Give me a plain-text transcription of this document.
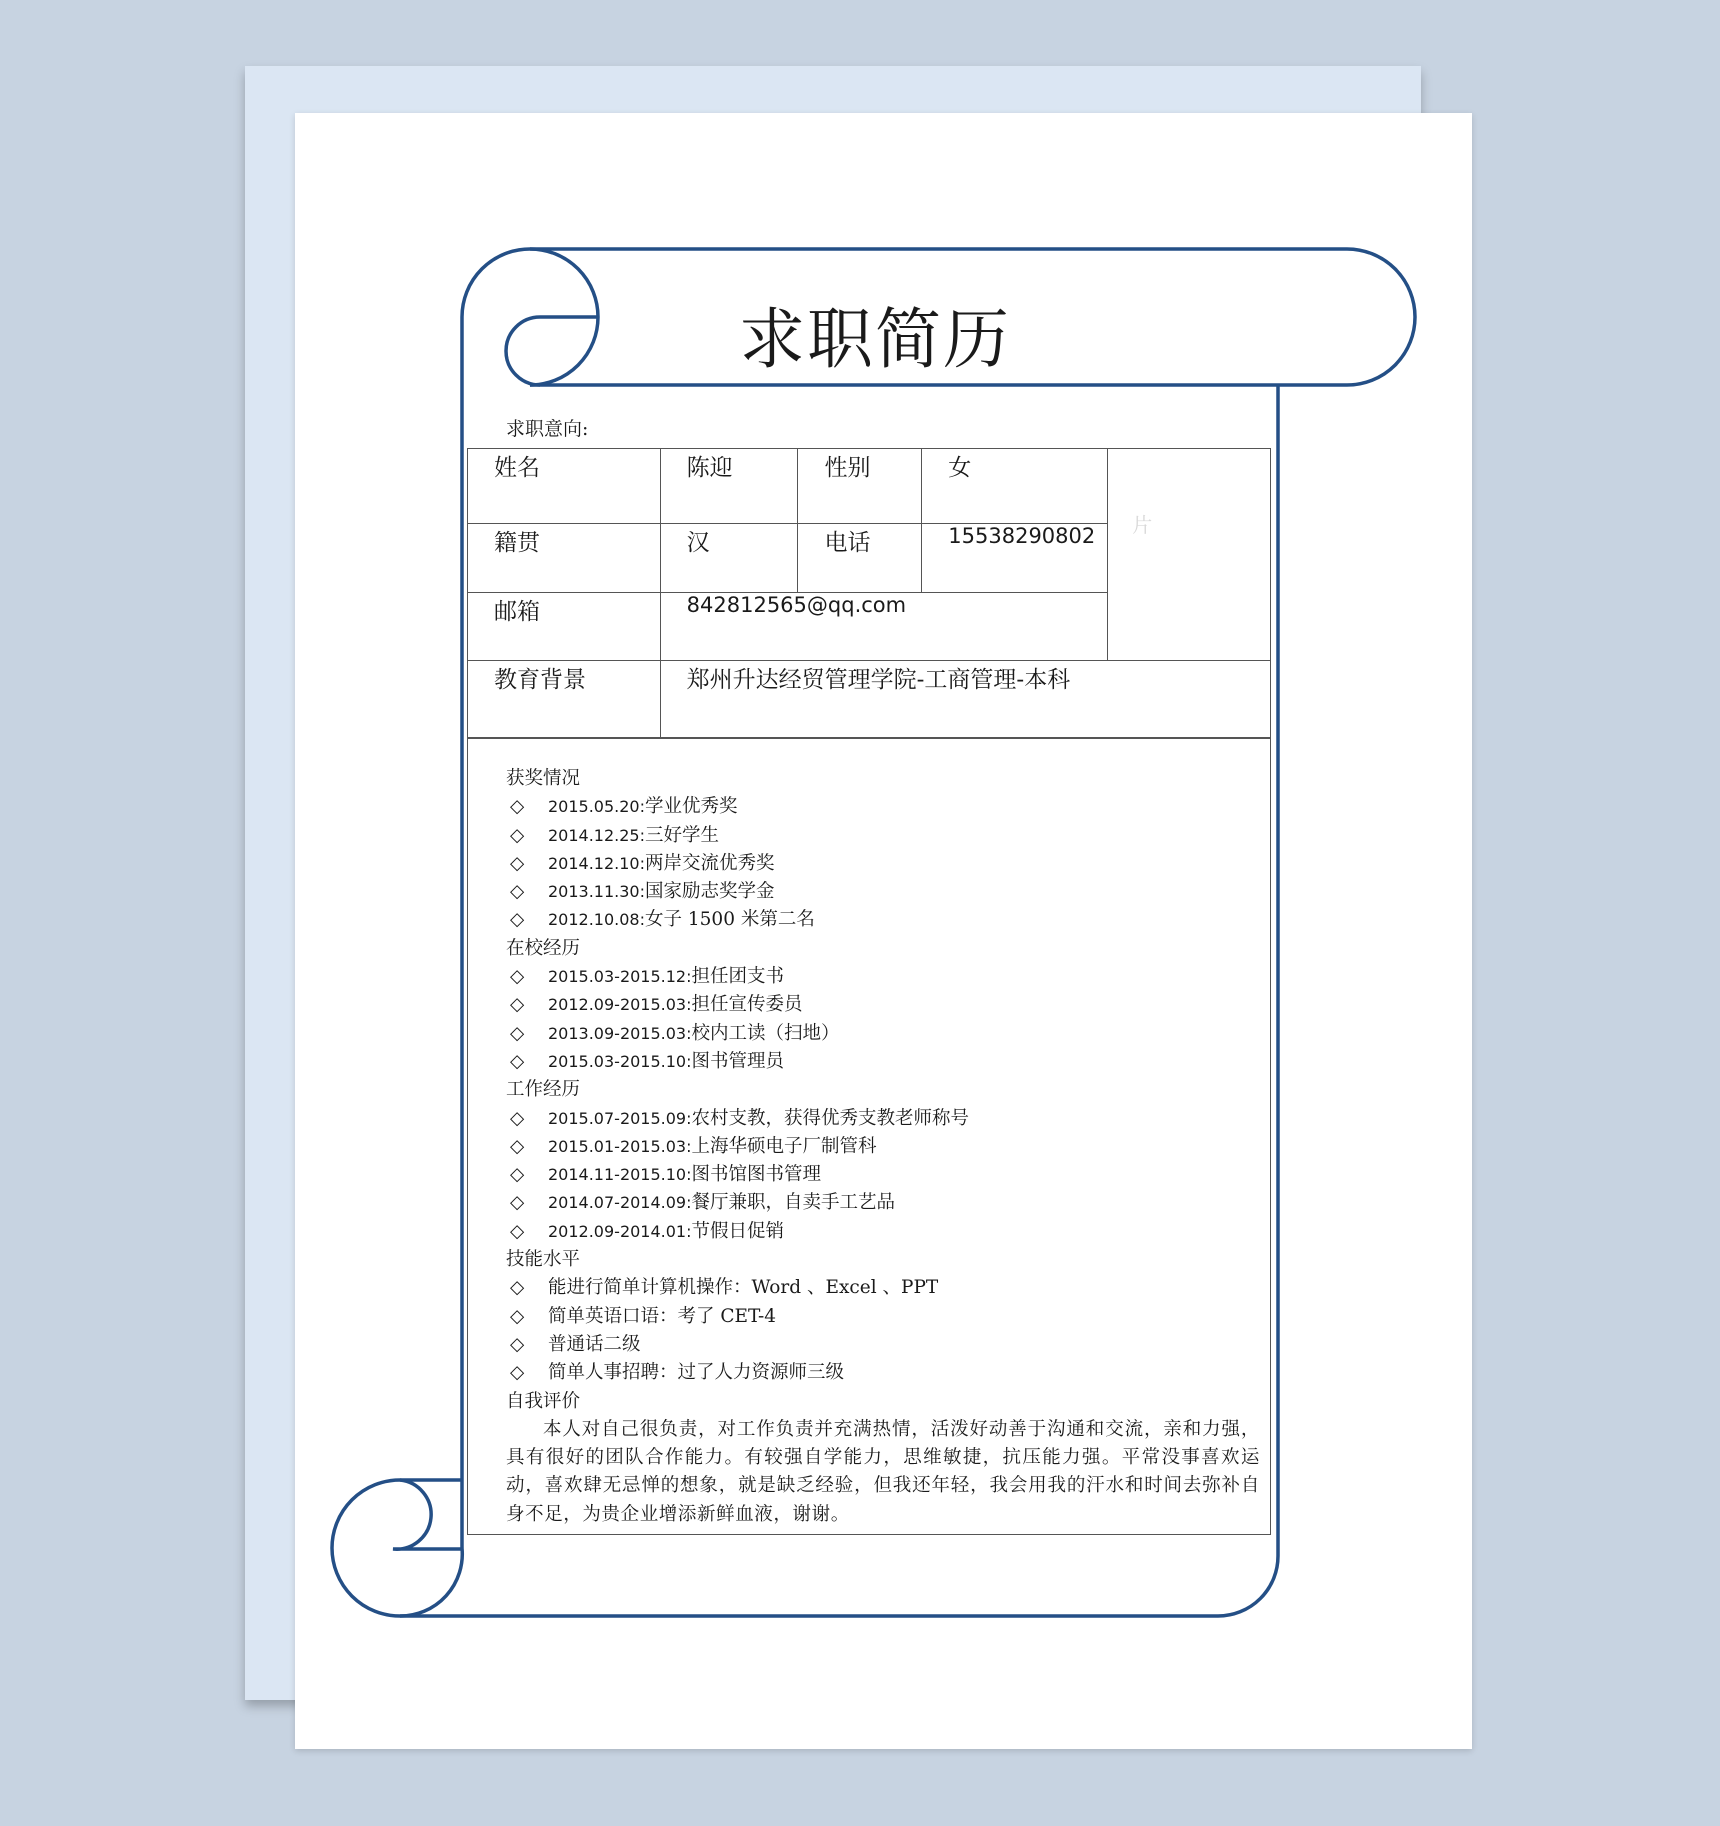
求职简历
求职意向:
姓名	陈迎	性别	女	片
籍贯	汉	电话	15538290802	
邮箱	842812565@qq.com			
教育背景	郑州升达经贸管理学院-工商管理-本科			
获奖情况
◇	2015.05.20: 学业优秀奖
◇	2014.12.25: 三好学生
◇	2014.12.10: 两岸交流优秀奖
◇	2013.11.30: 国家励志奖学金
◇	2012.10.08: 女子 1500 米第二名
在校经历
◇	2015.03-2015.12: 担任团支书
◇	2012.09-2015.03: 担任宣传委员
◇	2013.09-2015.03: 校内工读（扫地）
◇	2015.03-2015.10: 图书管理员
工作经历
◇	2015.07-2015.09: 农村支教，获得优秀支教老师称号
◇	2015.01-2015.03: 上海华硕电子厂制管科
◇	2014.11-2015.10: 图书馆图书管理
◇	2014.07-2014.09: 餐厅兼职，自卖手工艺品
◇	2012.09-2014.01: 节假日促销
技能水平
◇	能进行简单计算机操作：Word 、Excel 、PPT
◇	简单英语口语：考了 CET-4
◇	普通话二级
◇	简单人事招聘：过了人力资源师三级
自我评价
本人对自己很负责，对工作负责并充满热情，活泼好动善于沟通和交流，亲和力强，具有很好的团队合作能力。有较强自学能力，思维敏捷，抗压能力强。平常没事喜欢运动，喜欢肆无忌惮的想象，就是缺乏经验，但我还年轻，我会用我的汗水和时间去弥补自身不足，为贵企业增添新鲜血液，谢谢。
